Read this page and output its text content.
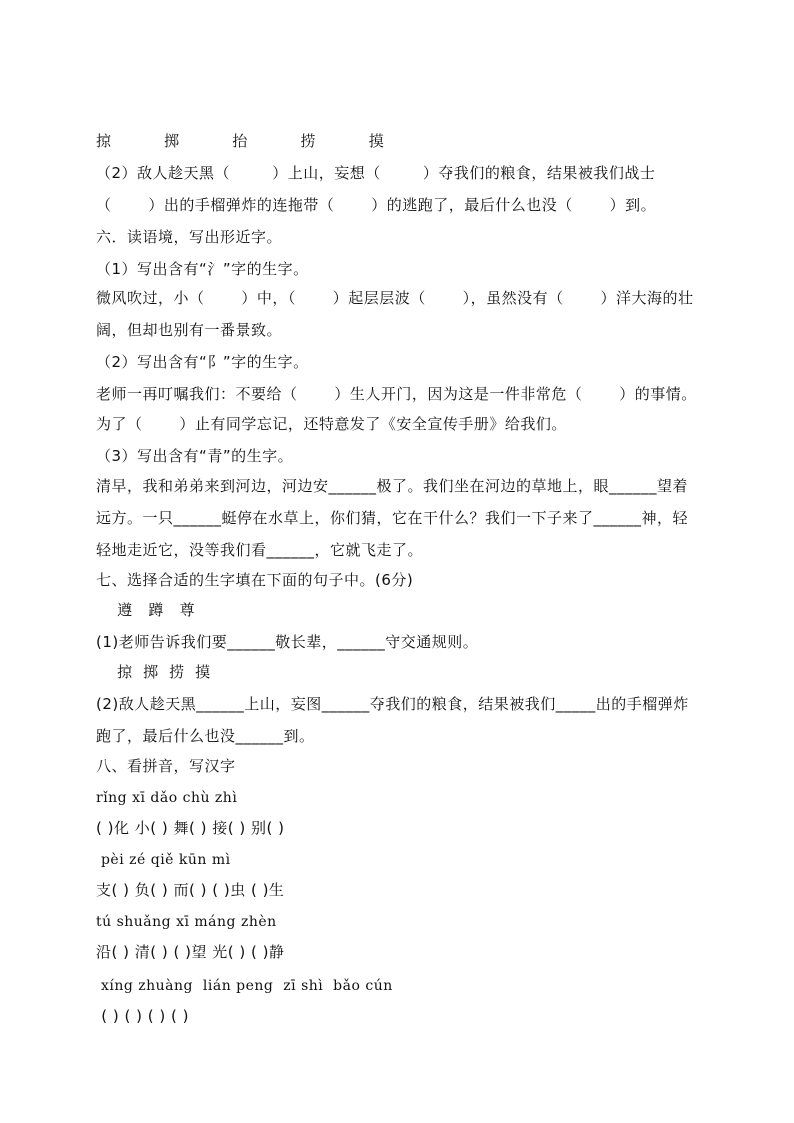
掠          掷          抬          捞          摸
（2）敌人趁天黑（        ）上山，妄想（        ）夺我们的粮食，结果被我们战士
（       ）出的手榴弹炸的连拖带（       ）的逃跑了，最后什么也没（       ）到。
六．读语境，写出形近字。
（1）写出含有“氵”字的生字。
微风吹过，小（       ）中，（       ）起层层波（       ），虽然没有（       ）洋大海的壮
阔，但却也别有一番景致。
（2）写出含有“阝”字的生字。
老师一再叮嘱我们：不要给（       ）生人开门，因为这是一件非常危（       ）的事情。
为了（       ）止有同学忘记，还特意发了《安全宣传手册》给我们。
（3）写出含有“青”的生字。
清早，我和弟弟来到河边，河边安______极了。我们坐在河边的草地上，眼______望着
远方。一只______蜓停在水草上，你们猜，它在干什么？我们一下子来了______神，轻
轻地走近它，没等我们看______，它就飞走了。
七、选择合适的生字填在下面的句子中。(6分)
遵   蹲   尊
(1)老师告诉我们要______敬长辈，______守交通规则。
掠  掷  捞  摸
(2)敌人趁天黑______上山，妄图______夺我们的粮食，结果被我们_____出的手榴弹炸
跑了，最后什么也没______到。
八、看拼音，写汉字
rǐng xī dǎo chù zhì
( )化 小( ) 舞( ) 接( ) 别( )
pèi zé qiě kūn mì
支( ) 负( ) 而( ) ( )虫 ( )生
tú shuǎng xī máng zhèn
沿( ) 清( ) ( )望 光( ) ( )静
xíng zhuàng  lián peng  zī shì  bǎo cún
( ) ( ) ( ) ( )
